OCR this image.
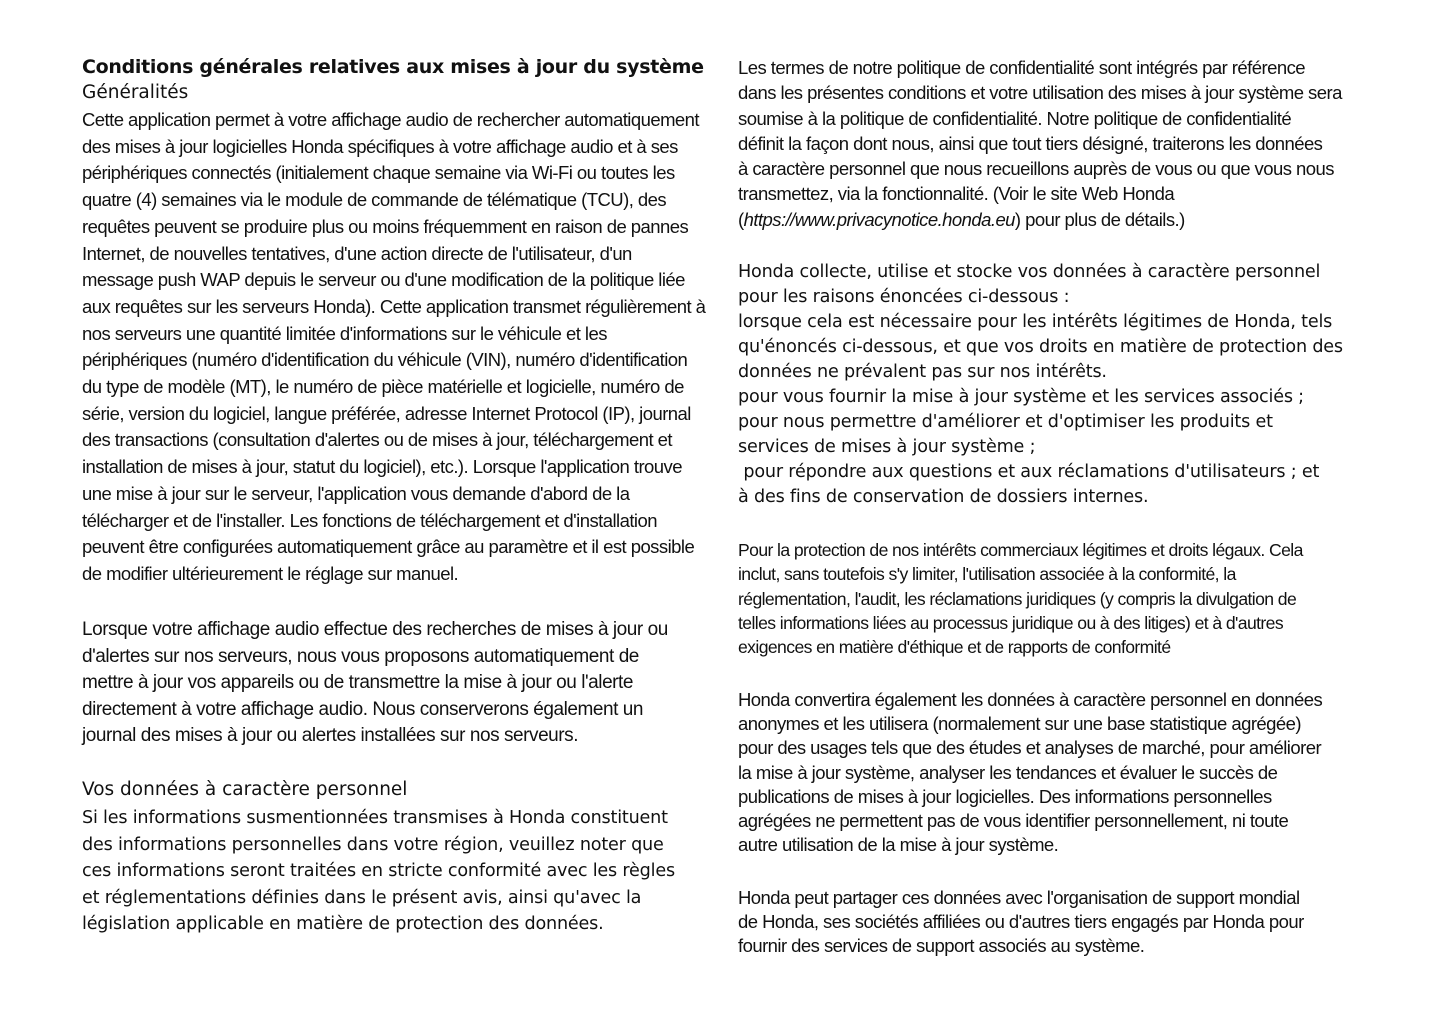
Conditions générales relatives aux mises à jour du système
Généralités
Cette application permet à votre affichage audio de rechercher automatiquement
des mises à jour logicielles Honda spécifiques à votre affichage audio et à ses
périphériques connectés (initialement chaque semaine via Wi-Fi ou toutes les
quatre (4) semaines via le module de commande de télématique (TCU), des
requêtes peuvent se produire plus ou moins fréquemment en raison de pannes
Internet, de nouvelles tentatives, d'une action directe de l'utilisateur, d'un
message push WAP depuis le serveur ou d'une modification de la politique liée
aux requêtes sur les serveurs Honda). Cette application transmet régulièrement à
nos serveurs une quantité limitée d'informations sur le véhicule et les
périphériques (numéro d'identification du véhicule (VIN), numéro d'identification
du type de modèle (MT), le numéro de pièce matérielle et logicielle, numéro de
série, version du logiciel, langue préférée, adresse Internet Protocol (IP), journal
des transactions (consultation d'alertes ou de mises à jour, téléchargement et
installation de mises à jour, statut du logiciel), etc.). Lorsque l'application trouve
une mise à jour sur le serveur, l'application vous demande d'abord de la
télécharger et de l'installer. Les fonctions de téléchargement et d'installation
peuvent être configurées automatiquement grâce au paramètre et il est possible
de modifier ultérieurement le réglage sur manuel.
Lorsque votre affichage audio effectue des recherches de mises à jour ou
d'alertes sur nos serveurs, nous vous proposons automatiquement de
mettre à jour vos appareils ou de transmettre la mise à jour ou l'alerte
directement à votre affichage audio. Nous conserverons également un
journal des mises à jour ou alertes installées sur nos serveurs.
Vos données à caractère personnel
Si les informations susmentionnées transmises à Honda constituent
des informations personnelles dans votre région, veuillez noter que
ces informations seront traitées en stricte conformité avec les règles
et réglementations définies dans le présent avis, ainsi qu'avec la
législation applicable en matière de protection des données.
Les termes de notre politique de confidentialité sont intégrés par référence
dans les présentes conditions et votre utilisation des mises à jour système sera
soumise à la politique de confidentialité. Notre politique de confidentialité
définit la façon dont nous, ainsi que tout tiers désigné, traiterons les données
à caractère personnel que nous recueillons auprès de vous ou que vous nous
transmettez, via la fonctionnalité. (Voir le site Web Honda
(https://www.privacynotice.honda.eu) pour plus de détails.)
Honda collecte, utilise et stocke vos données à caractère personnel
pour les raisons énoncées ci-dessous :
lorsque cela est nécessaire pour les intérêts légitimes de Honda, tels
qu'énoncés ci-dessous, et que vos droits en matière de protection des
données ne prévalent pas sur nos intérêts.
pour vous fournir la mise à jour système et les services associés ;
pour nous permettre d'améliorer et d'optimiser les produits et
services de mises à jour système ;
pour répondre aux questions et aux réclamations d'utilisateurs ; et
à des fins de conservation de dossiers internes.
Pour la protection de nos intérêts commerciaux légitimes et droits légaux. Cela
inclut, sans toutefois s'y limiter, l'utilisation associée à la conformité, la
réglementation, l'audit, les réclamations juridiques (y compris la divulgation de
telles informations liées au processus juridique ou à des litiges) et à d'autres
exigences en matière d'éthique et de rapports de conformité
Honda convertira également les données à caractère personnel en données
anonymes et les utilisera (normalement sur une base statistique agrégée)
pour des usages tels que des études et analyses de marché, pour améliorer
la mise à jour système, analyser les tendances et évaluer le succès de
publications de mises à jour logicielles. Des informations personnelles
agrégées ne permettent pas de vous identifier personnellement, ni toute
autre utilisation de la mise à jour système.
Honda peut partager ces données avec l'organisation de support mondial
de Honda, ses sociétés affiliées ou d'autres tiers engagés par Honda pour
fournir des services de support associés au système.
